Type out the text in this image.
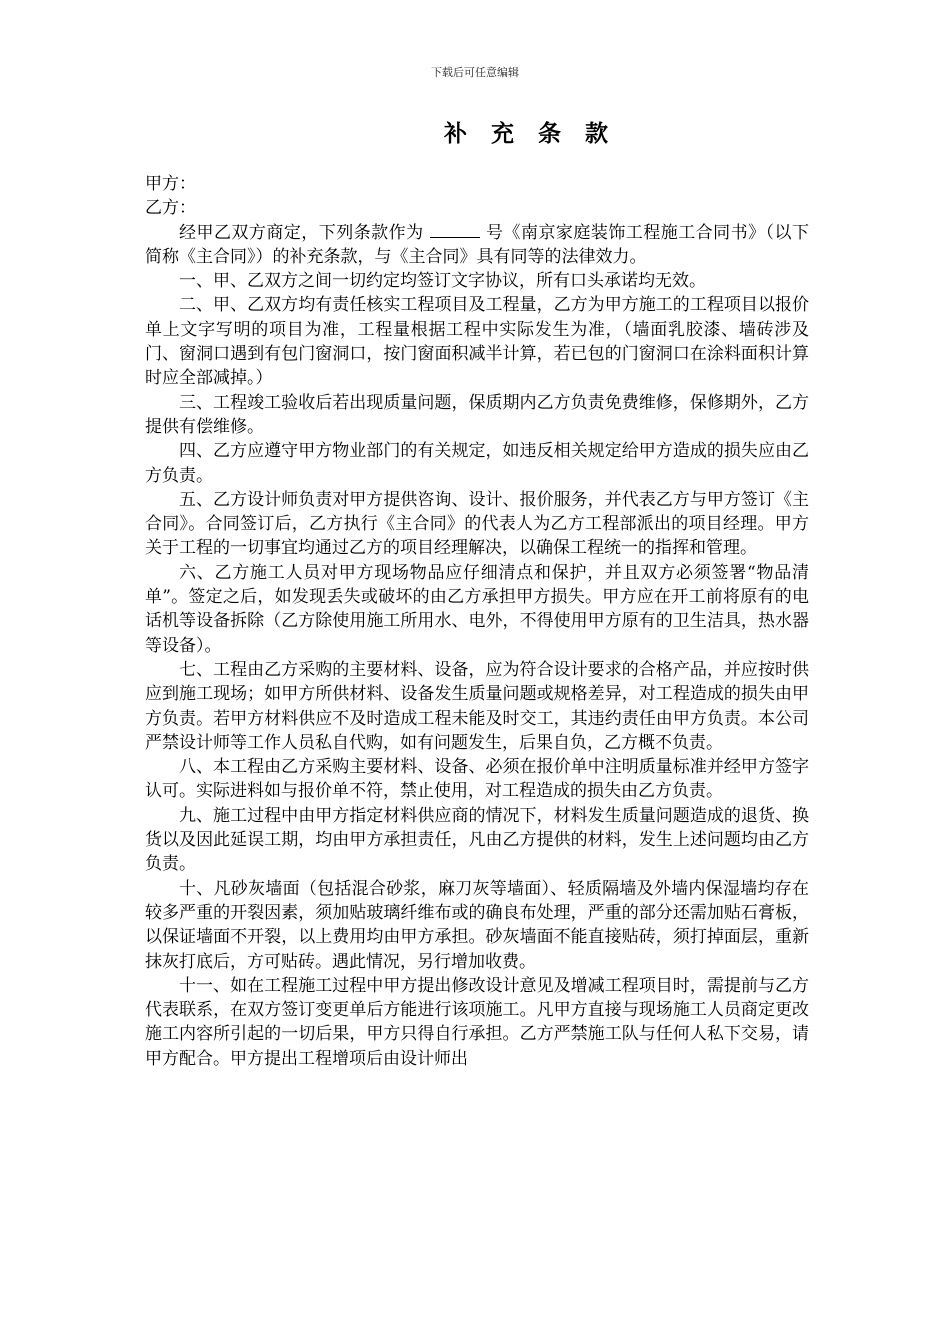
下载后可任意编辑
补 充 条 款

甲方：

乙方：

经甲乙双方商定，下列条款作为	号《南京家庭装饰工程施工合同书》（以下简称《主合同》）的补充条款，与《主合同》具有同等的法律效力。

一、甲、乙双方之间一切约定均签订文字协议，所有口头承诺均无效。

二、甲、乙双方均有责任核实工程项目及工程量，乙方为甲方施工的工程项目以报价单上文字写明的项目为准，工程量根据工程中实际发生为准，（墙面乳胶漆、墙砖涉及门、窗洞口遇到有包门窗洞口，按门窗面积减半计算，若已包的门窗洞口在涂料面积计算时应全部减掉。）

三、工程竣工验收后若出现质量问题，保质期内乙方负责免费维修，保修期外，乙方提供有偿维修。

四、乙方应遵守甲方物业部门的有关规定，如违反相关规定给甲方造成的损失应由乙方负责。

五、乙方设计师负责对甲方提供咨询、设计、报价服务，并代表乙方与甲方签订《主合同》。合同签订后，乙方执行《主合同》的代表人为乙方工程部派出的项目经理。甲方关于工程的一切事宜均通过乙方的项目经理解决，以确保工程统一的指挥和管理。

六、乙方施工人员对甲方现场物品应仔细清点和保护，并且双方必须签署“物品清单”。签定之后，如发现丢失或破坏的由乙方承担甲方损失。甲方应在开工前将原有的电话机等设备拆除（乙方除使用施工所用水、电外，不得使用甲方原有的卫生洁具，热水器等设备）。

七、工程由乙方采购的主要材料、设备，应为符合设计要求的合格产品，并应按时供应到施工现场；如甲方所供材料、设备发生质量问题或规格差异，对工程造成的损失由甲方负责。若甲方材料供应不及时造成工程未能及时交工，其违约责任由甲方负责。本公司严禁设计师等工作人员私自代购，如有问题发生，后果自负，乙方概不负责。

八、本工程由乙方采购主要材料、设备、必须在报价单中注明质量标准并经甲方签字认可。实际进料如与报价单不符，禁止使用，对工程造成的损失由乙方负责。

九、施工过程中由甲方指定材料供应商的情况下，材料发生质量问题造成的退货、换货以及因此延误工期，均由甲方承担责任，凡由乙方提供的材料，发生上述问题均由乙方负责。

十、凡砂灰墙面（包括混合砂浆，麻刀灰等墙面）、轻质隔墙及外墙内保湿墙均存在较多严重的开裂因素，须加贴玻璃纤维布或的确良布处理，严重的部分还需加贴石膏板，以保证墙面不开裂，以上费用均由甲方承担。砂灰墙面不能直接贴砖，须打掉面层，重新抹灰打底后，方可贴砖。遇此情况，另行增加收费。

十一、如在工程施工过程中甲方提出修改设计意见及增减工程项目时，需提前与乙方代表联系，在双方签订变更单后方能进行该项施工。凡甲方直接与现场施工人员商定更改施工内容所引起的一切后果，甲方只得自行承担。乙方严禁施工队与任何人私下交易，请甲方配合。甲方提出工程增项后由设计师出
